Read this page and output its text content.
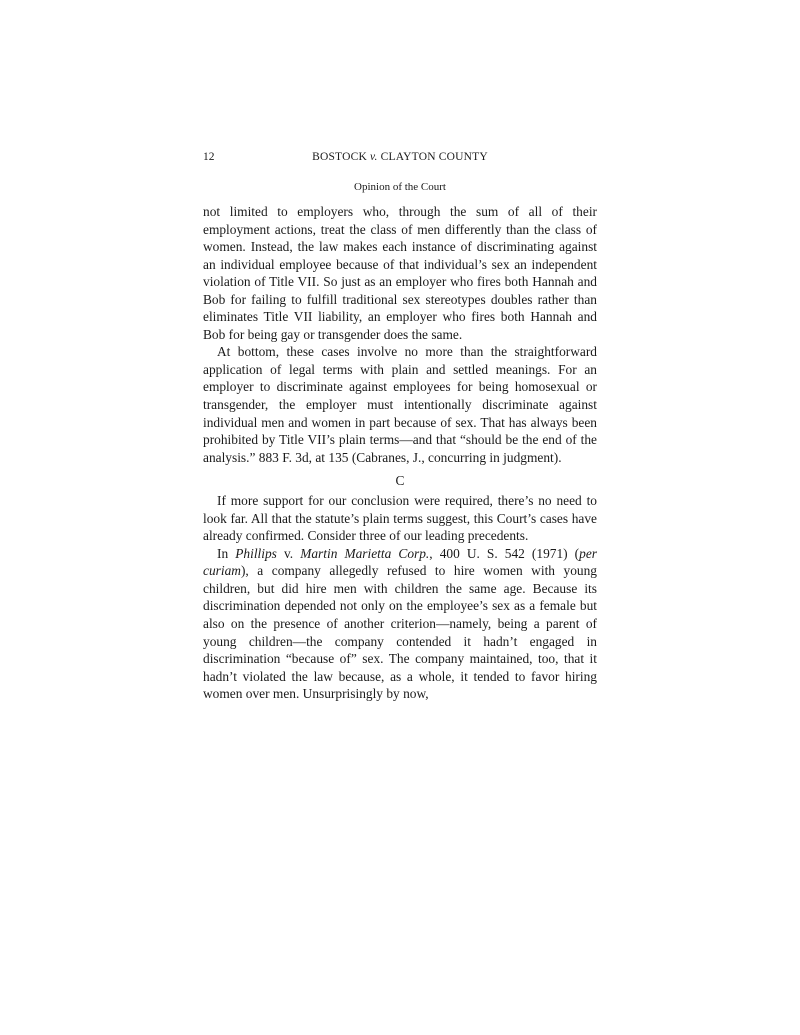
12	BOSTOCK v. CLAYTON COUNTY
Opinion of the Court

not limited to employers who, through the sum of all of their employment actions, treat the class of men differently than the class of women. Instead, the law makes each instance of discriminating against an individual employee because of that individual’s sex an independent violation of Title VII. So just as an employer who fires both Hannah and Bob for failing to fulfill traditional sex stereotypes doubles rather than eliminates Title VII liability, an employer who fires both Hannah and Bob for being gay or transgender does the same.

At bottom, these cases involve no more than the straightforward application of legal terms with plain and settled meanings. For an employer to discriminate against employees for being homosexual or transgender, the employer must intentionally discriminate against individual men and women in part because of sex. That has always been prohibited by Title VII’s plain terms—and that “should be the end of the analysis.” 883 F. 3d, at 135 (Cabranes, J., concurring in judgment).

C

If more support for our conclusion were required, there’s no need to look far. All that the statute’s plain terms suggest, this Court’s cases have already confirmed. Consider three of our leading precedents.

In Phillips v. Martin Marietta Corp., 400 U. S. 542 (1971) (per curiam), a company allegedly refused to hire women with young children, but did hire men with children the same age. Because its discrimination depended not only on the employee’s sex as a female but also on the presence of another criterion—namely, being a parent of young children—the company contended it hadn’t engaged in discrimination “because of” sex. The company maintained, too, that it hadn’t violated the law because, as a whole, it tended to favor hiring women over men. Unsurprisingly by now,
